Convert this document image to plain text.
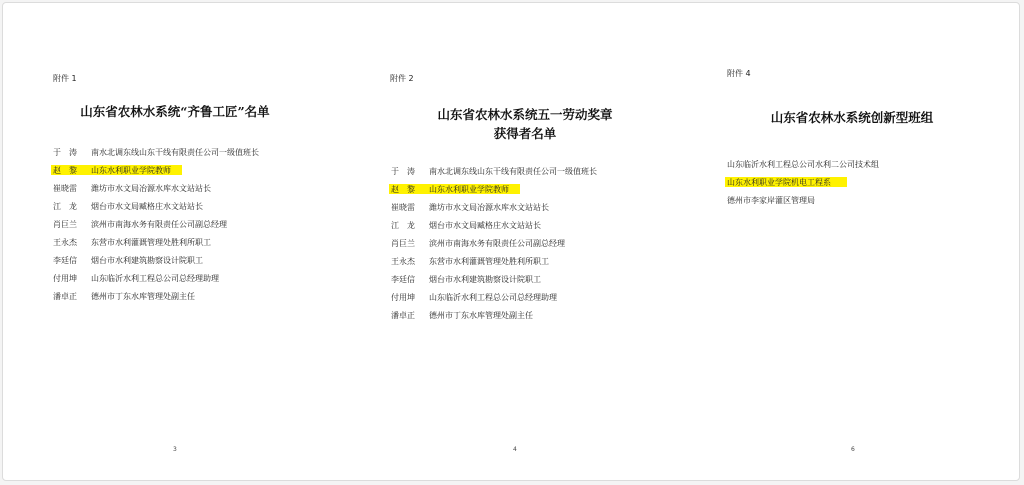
附件 1
山东省农林水系统“齐鲁工匠”名单
于　涛	南水北调东线山东干线有限责任公司一级值班长
赵　黎	山东水利职业学院教师
崔晓雷	潍坊市水文局冶源水库水文站站长
江　龙	烟台市水文局臧格庄水文站站长
肖巨兰	滨州市南海水务有限责任公司副总经理
王永杰	东营市水利灌溉管理处胜利所职工
李廷信	烟台市水利建筑勘察设计院职工
付用坤	山东临沂水利工程总公司总经理助理
潘卓正	德州市丁东水库管理处副主任
3
附件 2
山东省农林水系统五一劳动奖章
获得者名单
于　涛	南水北调东线山东干线有限责任公司一级值班长
赵　黎	山东水利职业学院教师
崔晓雷	潍坊市水文局冶源水库水文站站长
江　龙	烟台市水文局臧格庄水文站站长
肖巨兰	滨州市南海水务有限责任公司副总经理
王永杰	东营市水利灌溉管理处胜利所职工
李廷信	烟台市水利建筑勘察设计院职工
付用坤	山东临沂水利工程总公司总经理助理
潘卓正	德州市丁东水库管理处副主任
4
附件 4
山东省农林水系统创新型班组
山东临沂水利工程总公司水利二公司技术组
山东水利职业学院机电工程系
德州市李家岸灌区管理局
6
